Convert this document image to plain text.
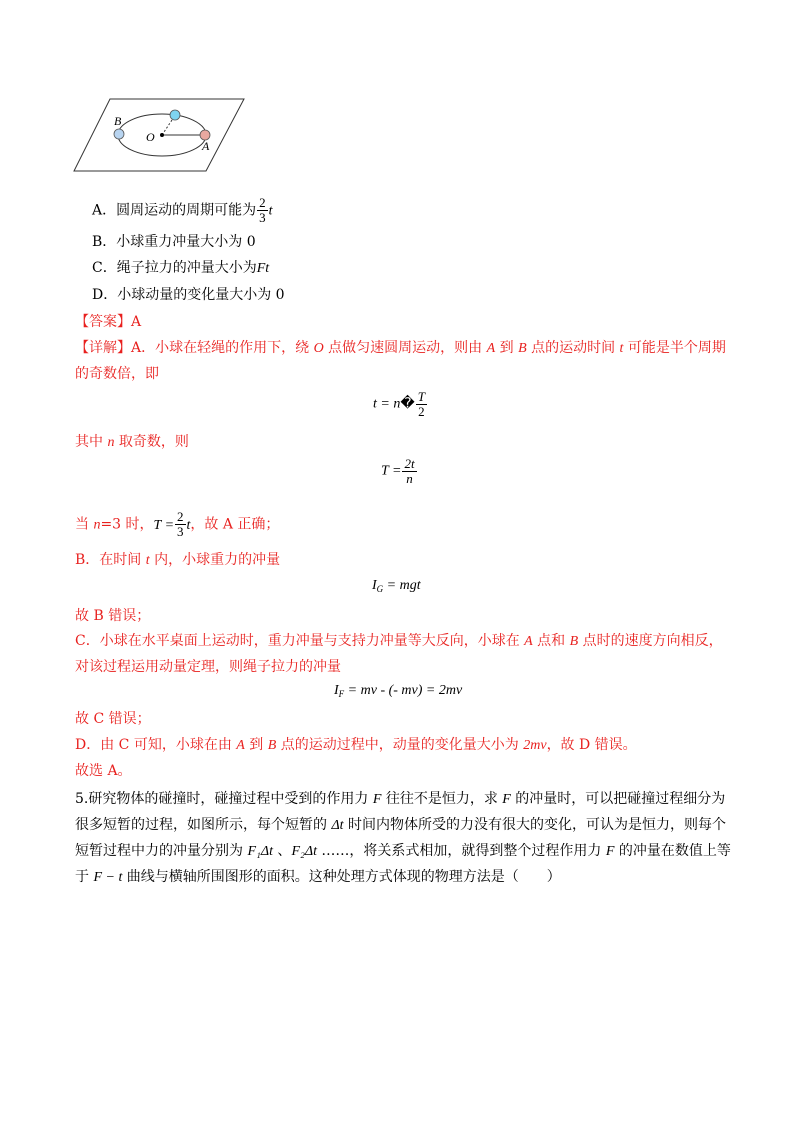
B
O
A
A．圆周运动的周期可能为 $\frac{2}{3}$ t
B．小球重力冲量大小为 0
C．绳子拉力的冲量大小为Ft
D．小球动量的变化量大小为 0
【答案】A
【详解】A．小球在轻绳的作用下，绕 O 点做匀速圆周运动，则由 A 到 B 点的运动时间 t 可能是半个周期
的奇数倍，即
t = n� $\frac{T}{2}$
其中 n 取奇数，则
$T = \frac{2t}{n}$
当 n=3 时，$T = \frac{2}{3}$ t，故 A 正确；
B．在时间 t 内，小球重力的冲量
$I_G$ = mgt
故 B 错误；
C．小球在水平桌面上运动时，重力冲量与支持力冲量等大反向，小球在 A 点和 B 点时的速度方向相反，
对该过程运用动量定理，则绳子拉力的冲量
$I_F$ = mv - (- mv) = 2mv
故 C 错误；
D．由 C 可知，小球在由 A 到 B 点的运动过程中，动量的变化量大小为 2mv，故 D 错误。
故选 A。
5.研究物体的碰撞时，碰撞过程中受到的作用力 F 往往不是恒力，求 F 的冲量时，可以把碰撞过程细分为
很多短暂的过程，如图所示，每个短暂的 Δt 时间内物体所受的力没有很大的变化，可认为是恒力，则每个
短暂过程中力的冲量分别为 F₁Δt 、F₂Δt ……，将关系式相加，就得到整个过程作用力 F 的冲量在数值上等
于 F − t 曲线与横轴所围图形的面积。这种处理方式体现的物理方法是（　　）
